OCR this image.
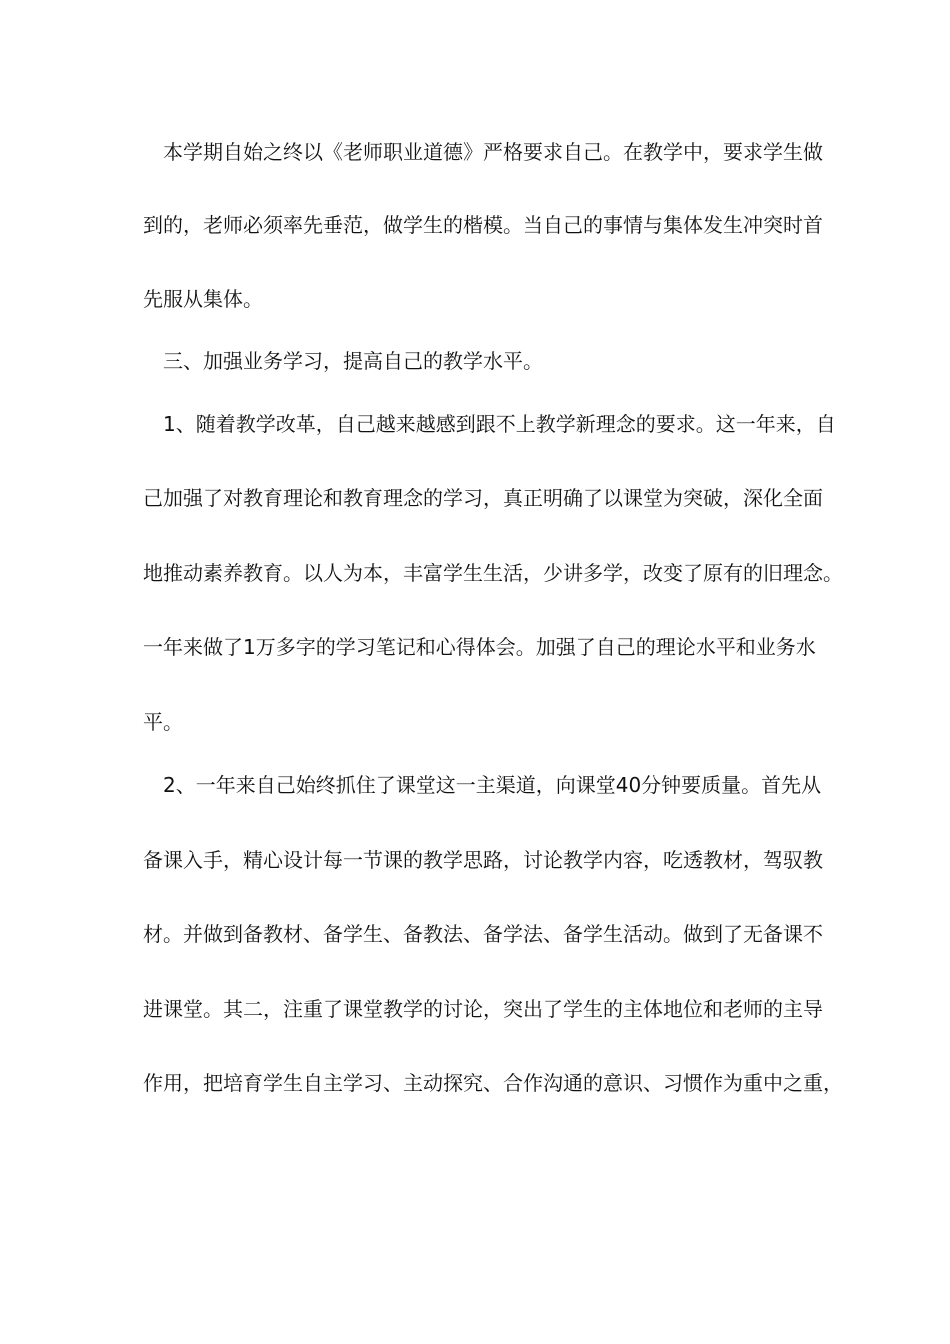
本学期自始之终以《老师职业道德》严格要求自己。在教学中，要求学生做
到的，老师必须率先垂范，做学生的楷模。当自己的事情与集体发生冲突时首
先服从集体。
三、加强业务学习，提高自己的教学水平。
1、随着教学改革，自己越来越感到跟不上教学新理念的要求。这一年来，自
己加强了对教育理论和教育理念的学习，真正明确了以课堂为突破，深化全面
地推动素养教育。以人为本，丰富学生生活，少讲多学，改变了原有的旧理念。
一年来做了1万多字的学习笔记和心得体会。加强了自己的理论水平和业务水
平。
2、一年来自己始终抓住了课堂这一主渠道，向课堂40分钟要质量。首先从
备课入手，精心设计每一节课的教学思路，讨论教学内容，吃透教材，驾驭教
材。并做到备教材、备学生、备教法、备学法、备学生活动。做到了无备课不
进课堂。其二，注重了课堂教学的讨论，突出了学生的主体地位和老师的主导
作用，把培育学生自主学习、主动探究、合作沟通的意识、习惯作为重中之重，
